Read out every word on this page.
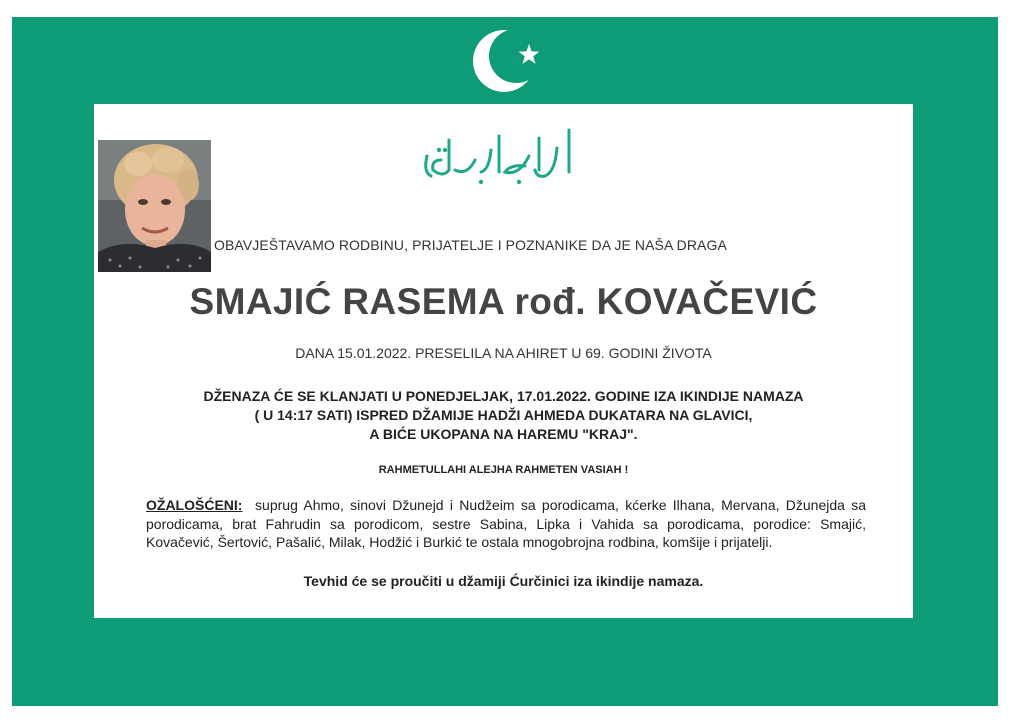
OBAVJEŠTAVAMO RODBINU, PRIJATELJE I POZNANIKE DA JE NAŠA DRAGA

SMAJIĆ RASEMA rođ. KOVAČEVIĆ

DANA 15.01.2022. PRESELILA NA AHIRET U 69. GODINI ŽIVOTA

DŽENAZA ĆE SE KLANJATI U PONEDJELJAK, 17.01.2022. GODINE IZA IKINDIJE NAMAZA
( U 14:17 SATI) ISPRED DŽAMIJE HADŽI AHMEDA DUKATARA NA GLAVICI,
A BIĆE UKOPANA NA HAREMU "KRAJ".

RAHMETULLAHI ALEJHA RAHMETEN VASIAH !

OŽALOŠĆENI: suprug Ahmo, sinovi Džunejd i Nudžeim sa porodicama, kćerke Ilhana, Mervana, Džunejda sa porodicama, brat Fahrudin sa porodicom, sestre Sabina, Lipka i Vahida sa porodicama, porodice: Smajić, Kovačević, Šertović, Pašalić, Milak, Hodžić i Burkić te ostala mnogobrojna rodbina, komšije i prijatelji.

Tevhid će se proučiti u džamiji Ćurčinici iza ikindije namaza.
